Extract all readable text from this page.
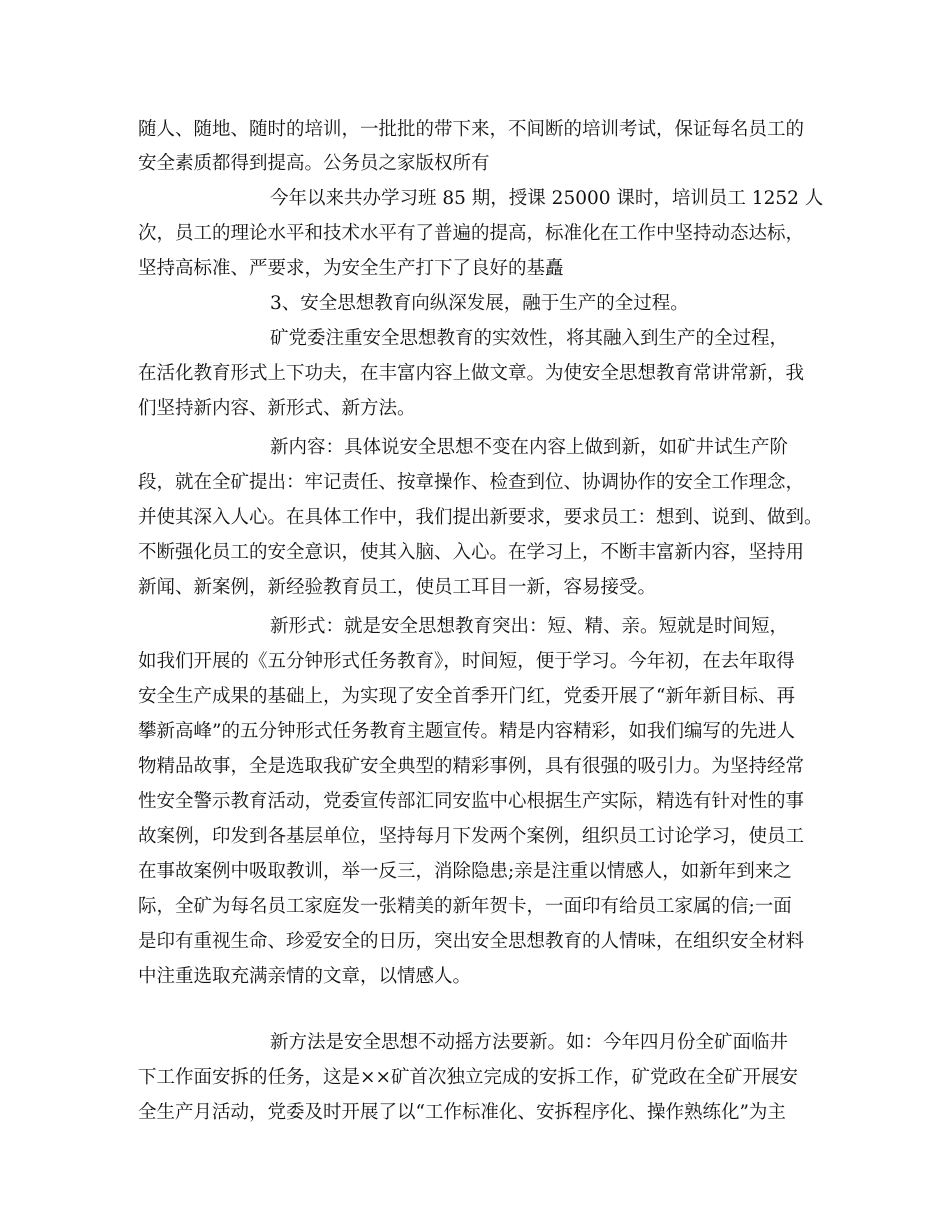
随人、随地、随时的培训，一批批的带下来，不间断的培训考试，保证每名员工的
安全素质都得到提高。公务员之家版权所有
今年以来共办学习班 85 期，授课 25000 课时，培训员工 1252 人
次，员工的理论水平和技术水平有了普遍的提高，标准化在工作中坚持动态达标，
坚持高标准、严要求，为安全生产打下了良好的基矗
3、安全思想教育向纵深发展，融于生产的全过程。
矿党委注重安全思想教育的实效性，将其融入到生产的全过程，
在活化教育形式上下功夫，在丰富内容上做文章。为使安全思想教育常讲常新，我
们坚持新内容、新形式、新方法。
新内容：具体说安全思想不变在内容上做到新，如矿井试生产阶
段，就在全矿提出：牢记责任、按章操作、检查到位、协调协作的安全工作理念，
并使其深入人心。在具体工作中，我们提出新要求，要求员工：想到、说到、做到。
不断强化员工的安全意识，使其入脑、入心。在学习上，不断丰富新内容，坚持用
新闻、新案例，新经验教育员工，使员工耳目一新，容易接受。
新形式：就是安全思想教育突出：短、精、亲。短就是时间短，
如我们开展的《五分钟形式任务教育》，时间短，便于学习。今年初，在去年取得
安全生产成果的基础上，为实现了安全首季开门红，党委开展了“新年新目标、再
攀新高峰”的五分钟形式任务教育主题宣传。精是内容精彩，如我们编写的先进人
物精品故事，全是选取我矿安全典型的精彩事例，具有很强的吸引力。为坚持经常
性安全警示教育活动，党委宣传部汇同安监中心根据生产实际，精选有针对性的事
故案例，印发到各基层单位，坚持每月下发两个案例，组织员工讨论学习，使员工
在事故案例中吸取教训，举一反三，消除隐患;亲是注重以情感人，如新年到来之
际，全矿为每名员工家庭发一张精美的新年贺卡，一面印有给员工家属的信;一面
是印有重视生命、珍爱安全的日历，突出安全思想教育的人情味，在组织安全材料
中注重选取充满亲情的文章，以情感人。
新方法是安全思想不动摇方法要新。如：今年四月份全矿面临井
下工作面安拆的任务，这是××矿首次独立完成的安拆工作，矿党政在全矿开展安
全生产月活动，党委及时开展了以“工作标准化、安拆程序化、操作熟练化”为主
